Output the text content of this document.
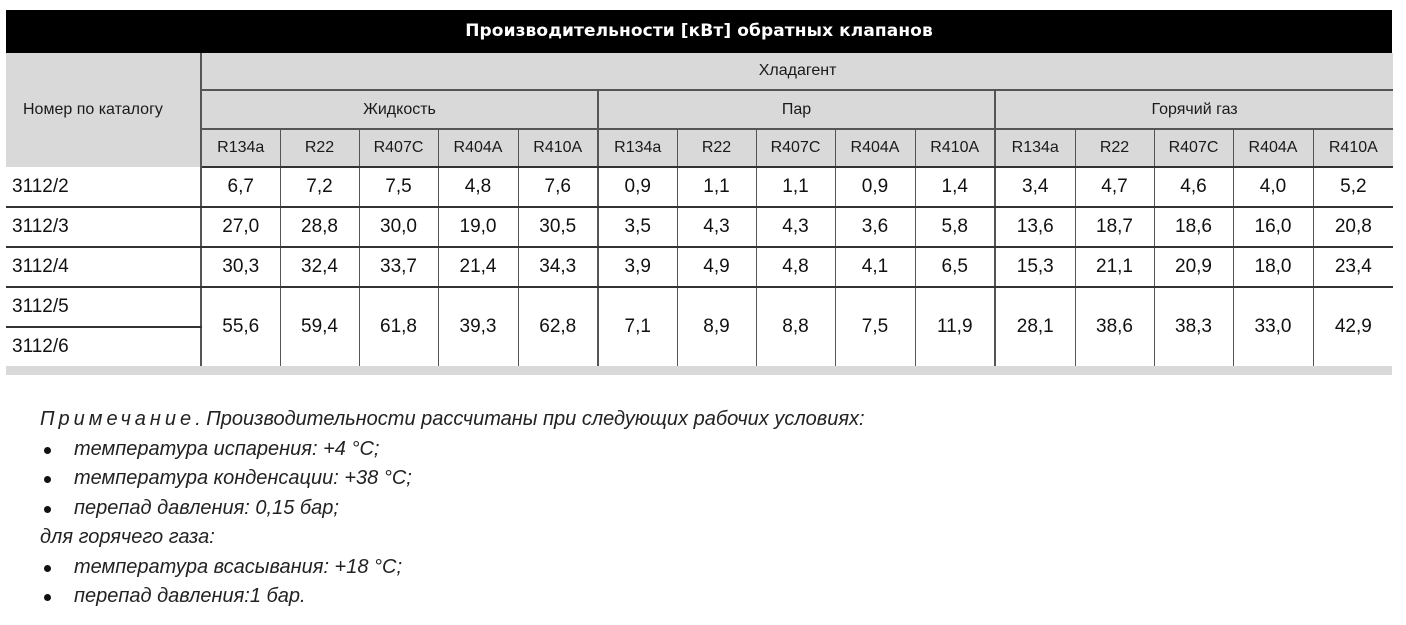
Производительности [кВт] обратных клапанов
Номер по каталогу	Хладагент														
	Жидкость					Пар					Горячий газ				
	R134a	R22	R407C	R404A	R410A	R134a	R22	R407C	R404A	R410A	R134a	R22	R407C	R404A	R410A
3112/2	6,7	7,2	7,5	4,8	7,6	0,9	1,1	1,1	0,9	1,4	3,4	4,7	4,6	4,0	5,2
3112/3	27,0	28,8	30,0	19,0	30,5	3,5	4,3	4,3	3,6	5,8	13,6	18,7	18,6	16,0	20,8
3112/4	30,3	32,4	33,7	21,4	34,3	3,9	4,9	4,8	4,1	6,5	15,3	21,1	20,9	18,0	23,4
3112/5	55,6	59,4	61,8	39,3	62,8	7,1	8,9	8,8	7,5	11,9	28,1	38,6	38,3	33,0	42,9
3112/6															
Примечание. Производительности рассчитаны при следующих рабочих условиях:
температура испарения: +4 °C;
температура конденсации: +38 °C;
перепад давления: 0,15 бар;
для горячего газа:
температура всасывания: +18 °C;
перепад давления:1 бар.
